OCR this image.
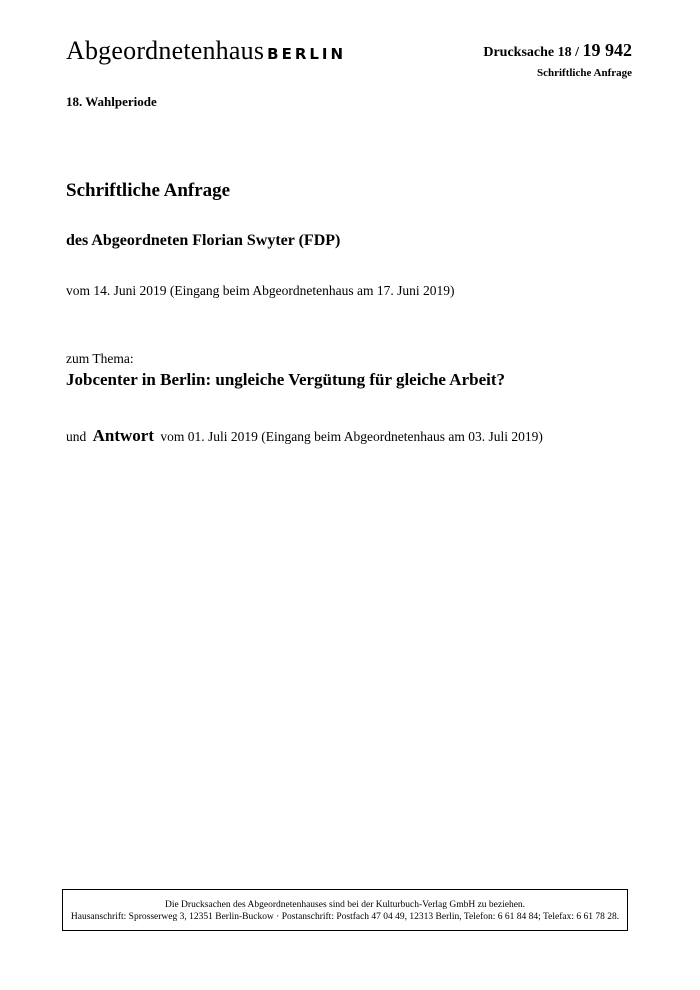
Abgeordnetenhaus BERLIN	Drucksache 18 / 19 942
Schriftliche Anfrage
18. Wahlperiode
Schriftliche Anfrage
des Abgeordneten Florian Swyter (FDP)
vom 14. Juni 2019 (Eingang beim Abgeordnetenhaus am 17. Juni 2019)
zum Thema:
Jobcenter in Berlin: ungleiche Vergütung für gleiche Arbeit?
und Antwort vom 01. Juli 2019 (Eingang beim Abgeordnetenhaus am 03. Juli 2019)
Die Drucksachen des Abgeordnetenhauses sind bei der Kulturbuch-Verlag GmbH zu beziehen.
Hausanschrift: Sprosserweg 3, 12351 Berlin-Buckow · Postanschrift: Postfach 47 04 49, 12313 Berlin, Telefon: 6 61 84 84; Telefax: 6 61 78 28.
